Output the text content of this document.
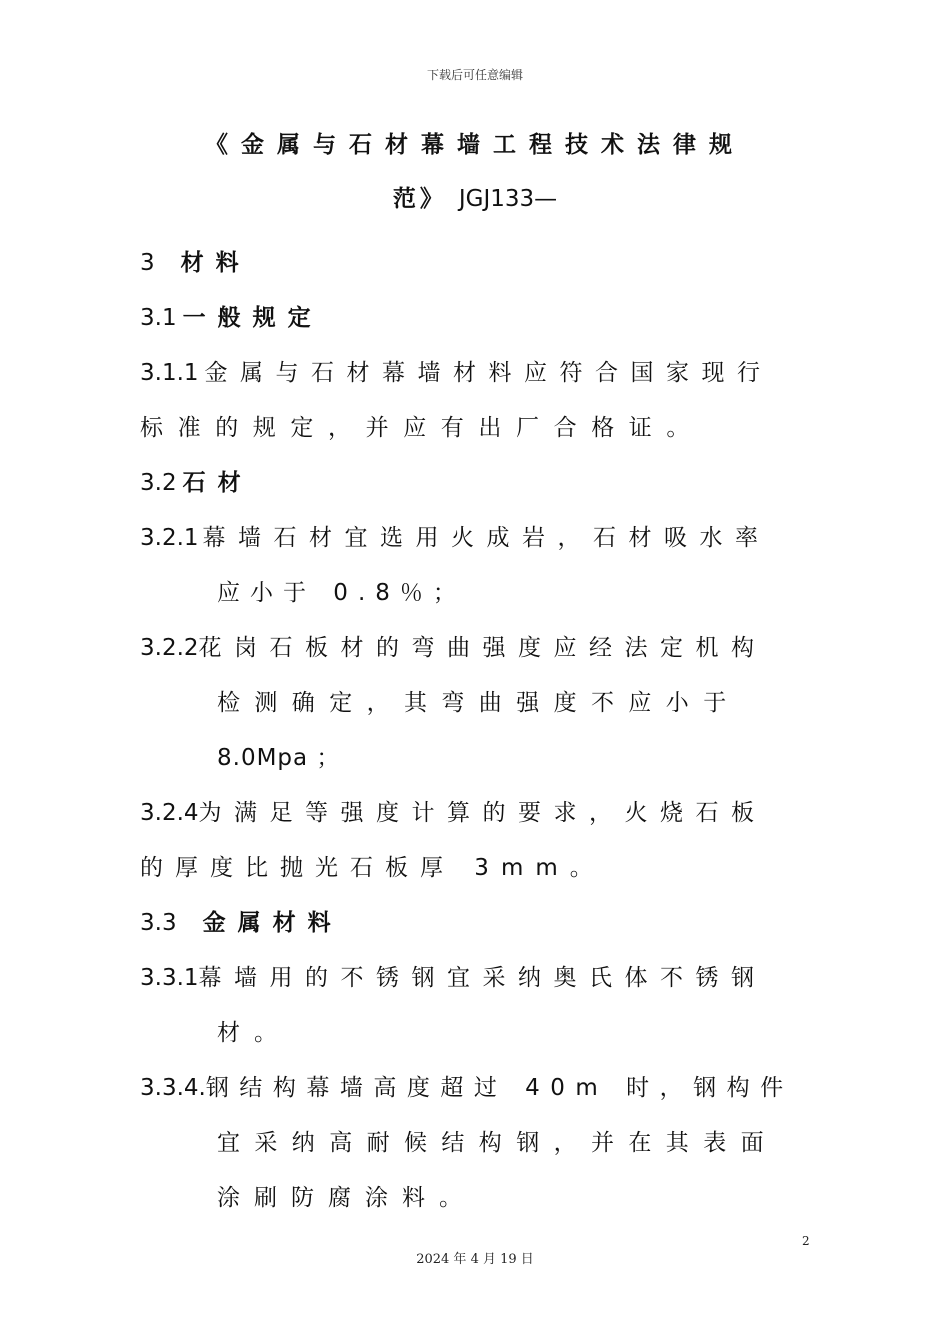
下载后可任意编辑
《金属与石材幕墙工程技术法律规
范》 JGJ133—
3 材料
3.1 一般规定
3.1.1 金属与石材幕墙材料应符合国家现行
标准的规定，并应有出厂合格证。
3.2 石材
3.2.1 幕墙石材宜选用火成岩，石材吸水率
应小于 0.8％；
3.2.2花岗石板材的弯曲强度应经法定机构
检测确定，其弯曲强度不应小于
8.0Mpa ；
3.2.4为满足等强度计算的要求，火烧石板
的厚度比抛光石板厚 3mm。
3.3 金属材料
3.3.1幕墙用的不锈钢宜采纳奥氏体不锈钢
材。
3.3.4.钢结构幕墙高度超过 40m 时，钢构件
宜采纳高耐候结构钢，并在其表面
涂刷防腐涂料。
2
2024 年 4 月 19 日
